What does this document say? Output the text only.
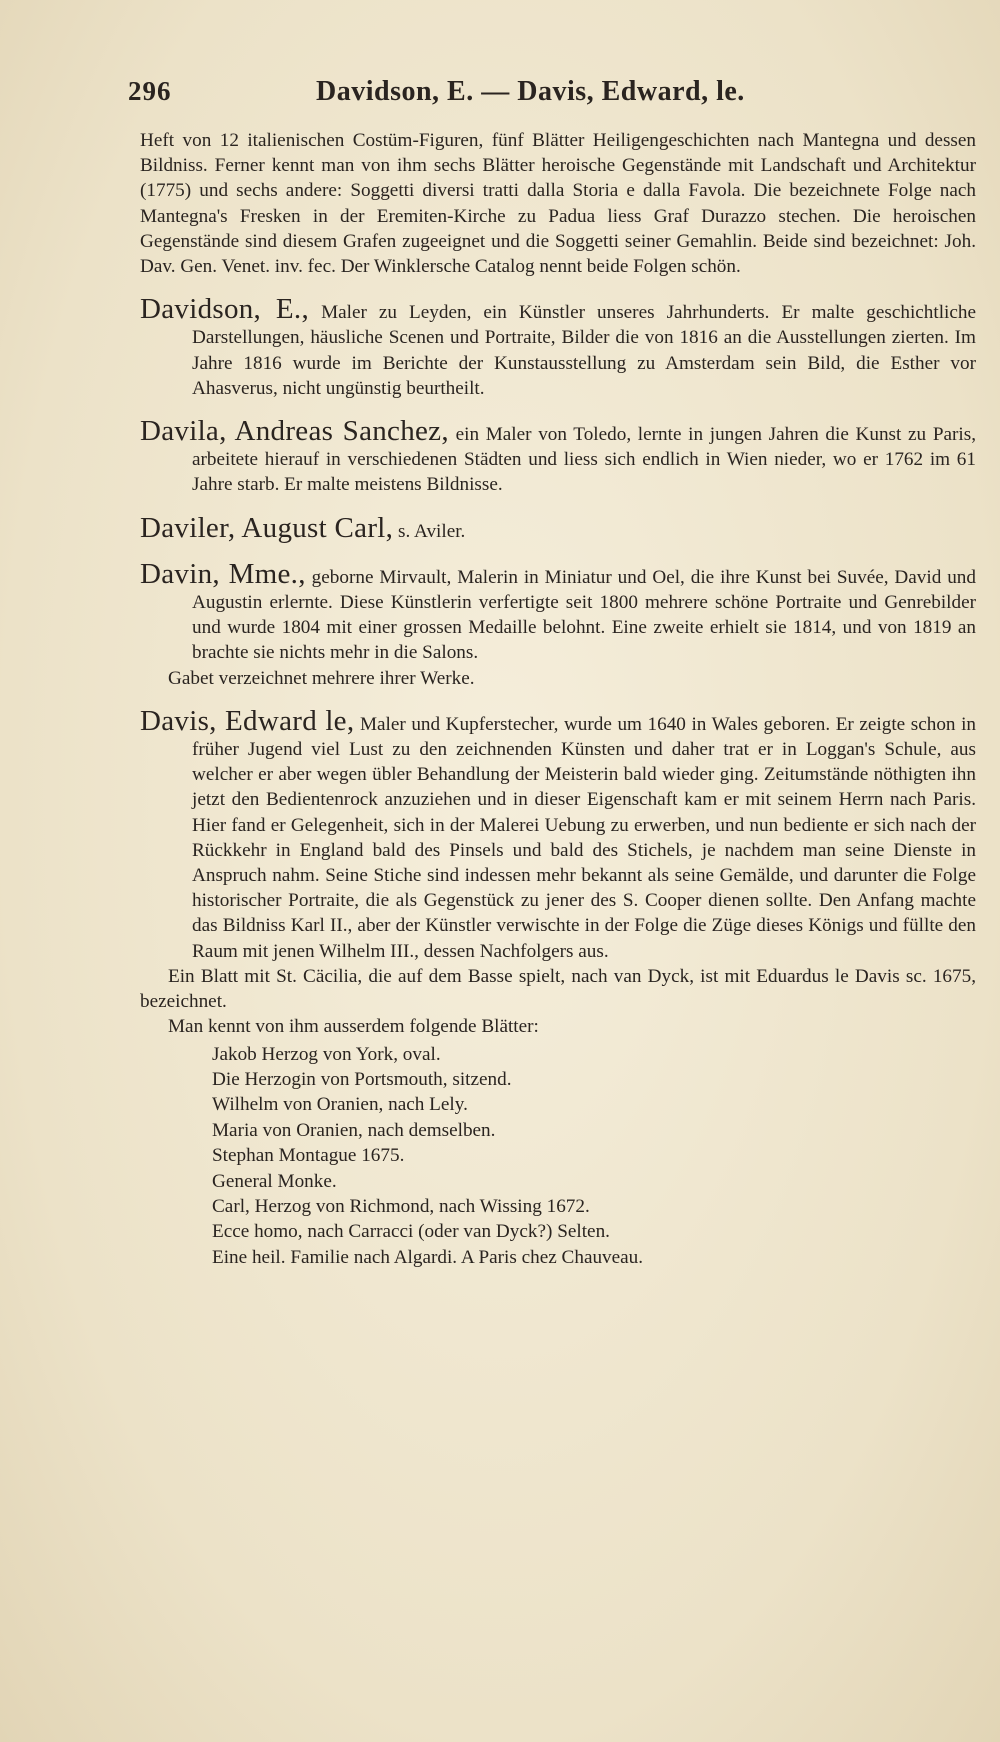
296	Davidson, E. — Davis, Edward, le.

Heft von 12 italienischen Costüm-Figuren, fünf Blätter Heiligengeschichten nach Mantegna und dessen Bildniss. Ferner kennt man von ihm sechs Blätter heroische Gegenstände mit Landschaft und Architektur (1775) und sechs andere: Soggetti diversi tratti dalla Storia e dalla Favola. Die bezeichnete Folge nach Mantegna's Fresken in der Eremiten-Kirche zu Padua liess Graf Durazzo stechen. Die heroischen Gegenstände sind diesem Grafen zugeeignet und die Soggetti seiner Gemahlin. Beide sind bezeichnet: Joh. Dav. Gen. Venet. inv. fec. Der Winklersche Catalog nennt beide Folgen schön.

Davidson, E., Maler zu Leyden, ein Künstler unseres Jahrhunderts. Er malte geschichtliche Darstellungen, häusliche Scenen und Portraite, Bilder die von 1816 an die Ausstellungen zierten. Im Jahre 1816 wurde im Berichte der Kunstausstellung zu Amsterdam sein Bild, die Esther vor Ahasverus, nicht ungünstig beurtheilt.

Davila, Andreas Sanchez, ein Maler von Toledo, lernte in jungen Jahren die Kunst zu Paris, arbeitete hierauf in verschiedenen Städten und liess sich endlich in Wien nieder, wo er 1762 im 61 Jahre starb. Er malte meistens Bildnisse.

Daviler, August Carl, s. Aviler.

Davin, Mme., geborne Mirvault, Malerin in Miniatur und Oel, die ihre Kunst bei Suvée, David und Augustin erlernte. Diese Künstlerin verfertigte seit 1800 mehrere schöne Portraite und Genrebilder und wurde 1804 mit einer grossen Medaille belohnt. Eine zweite erhielt sie 1814, und von 1819 an brachte sie nichts mehr in die Salons.

Gabet verzeichnet mehrere ihrer Werke.

Davis, Edward le, Maler und Kupferstecher, wurde um 1640 in Wales geboren. Er zeigte schon in früher Jugend viel Lust zu den zeichnenden Künsten und daher trat er in Loggan's Schule, aus welcher er aber wegen übler Behandlung der Meisterin bald wieder ging. Zeitumstände nöthigten ihn jetzt den Bedientenrock anzuziehen und in dieser Eigenschaft kam er mit seinem Herrn nach Paris. Hier fand er Gelegenheit, sich in der Malerei Uebung zu erwerben, und nun bediente er sich nach der Rückkehr in England bald des Pinsels und bald des Stichels, je nachdem man seine Dienste in Anspruch nahm. Seine Stiche sind indessen mehr bekannt als seine Gemälde, und darunter die Folge historischer Portraite, die als Gegenstück zu jener des S. Cooper dienen sollte. Den Anfang machte das Bildniss Karl II., aber der Künstler verwischte in der Folge die Züge dieses Königs und füllte den Raum mit jenen Wilhelm III., dessen Nachfolgers aus.

Ein Blatt mit St. Cäcilia, die auf dem Basse spielt, nach van Dyck, ist mit Eduardus le Davis sc. 1675, bezeichnet.

Man kennt von ihm ausserdem folgende Blätter:

Jakob Herzog von York, oval.
Die Herzogin von Portsmouth, sitzend.
Wilhelm von Oranien, nach Lely.
Maria von Oranien, nach demselben.
Stephan Montague 1675.
General Monke.
Carl, Herzog von Richmond, nach Wissing 1672.
Ecce homo, nach Carracci (oder van Dyck?) Selten.
Eine heil. Familie nach Algardi. A Paris chez Chauveau.
